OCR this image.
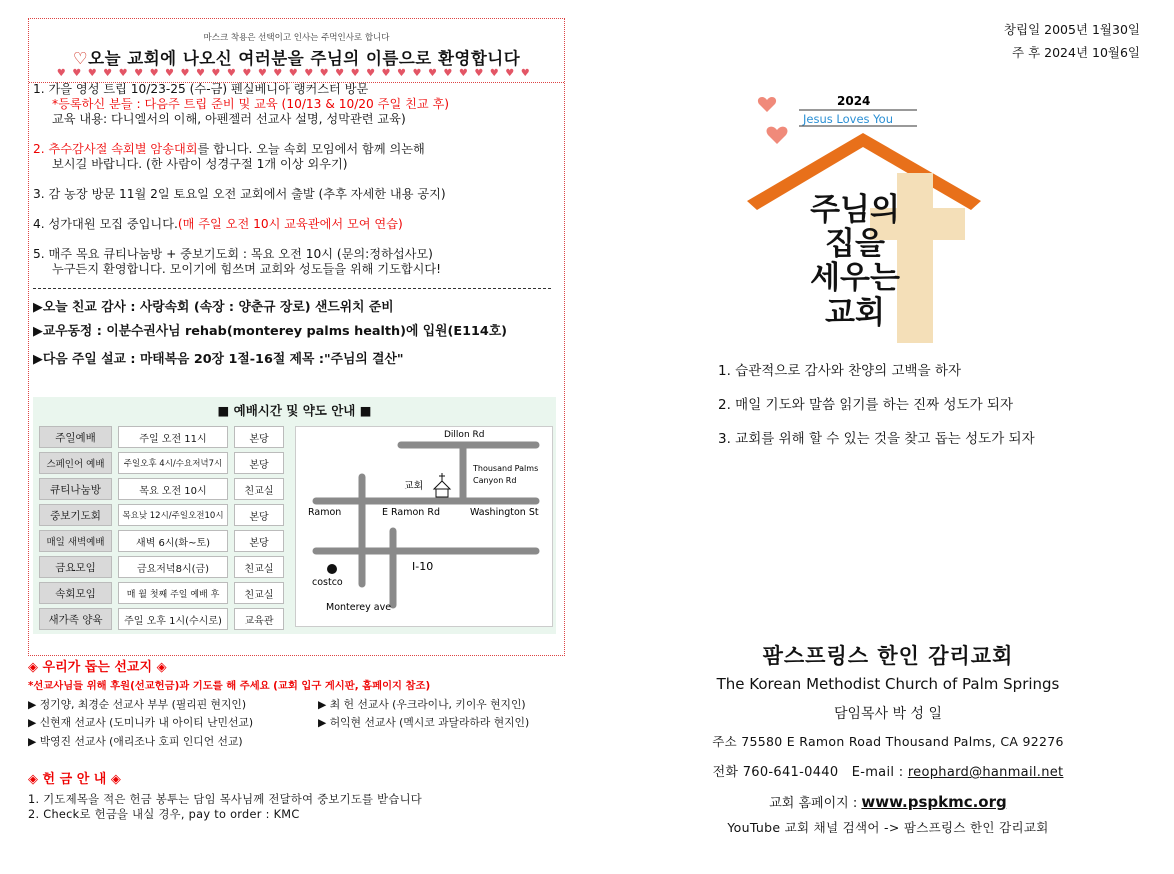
마스크 착용은 선택이고 인사는 주먹인사로 합니다
♡오늘 교회에 나오신 여러분을 주님의 이름으로 환영합니다
♥♥♥♥♥♥♥♥♥♥♥♥♥♥♥♥♥♥♥♥♥♥♥♥♥♥♥♥♥♥♥
1. 가을 영성 트립 10/23-25 (수-금) 펜실베니아 랭커스터 방문
*등록하신 분들 : 다음주 트립 준비 및 교육 (10/13 & 10/20 주일 친교 후)
교육 내용: 다니엘서의 이해, 아펜젤러 선교사 설명, 성막관련 교육)
2. 추수감사절 속회별 암송대회를 합니다. 오늘 속회 모임에서 함께 의논해
보시길 바랍니다. (한 사람이 성경구절 1개 이상 외우기)
3. 감 농장 방문 11월 2일 토요일 오전 교회에서 출발 (추후 자세한 내용 공지)
4. 성가대원 모집 중입니다.(매 주일 오전 10시 교육관에서 모여 연습)
5. 매주 목요 큐티나눔방 + 중보기도회 : 목요 오전 10시 (문의:정하섭사모)
누구든지 환영합니다. 모이기에 힘쓰며 교회와 성도들을 위해 기도합시다!
▶오늘 친교 감사 : 사랑속회 (속장 : 양춘규 장로) 샌드위치 준비
▶교우동정 : 이분수권사님 rehab(monterey palms health)에 입원(E114호)
▶다음 주일 설교 : 마태복음 20장 1절-16절 제목 :"주님의 결산"
■ 예배시간 및 약도 안내 ■
주일예배	주일 오전 11시	본당
스페인어 예배	주일오후 4시/수요저녁7시	본당
큐티나눔방	목요 오전 10시	친교실
중보기도회	목요낮 12시/주일오전10시	본당
매일 새벽예배	새벽 6시(화~토)	본당
금요모임	금요저녁8시(금)	친교실
속회모임	매 월 첫째 주일 예배 후	친교실
새가족 양육	주일 오후 1시(수시로)	교육관
Dillon Rd
Thousand Palms
Canyon Rd
교회
Ramon	E Ramon Rd	Washington St
I-10
costco
Monterey ave
◈ 우리가 돕는 선교지 ◈
*선교사님들 위해 후원(선교헌금)과 기도를 해 주세요 (교회 입구 게시판, 홈페이지 참조)
▶ 정기양, 최경순 선교사 부부 (필리핀 현지인)	▶ 최 헌 선교사 (우크라이나, 키이우 현지인)
▶ 신현재 선교사 (도미니카 내 아이티 난민선교)	▶ 허익현 선교사 (멕시코 과달라하라 현지인)
▶ 박영진 선교사 (애리조나 호피 인디언 선교)
◈ 헌 금 안 내 ◈
1. 기도제목을 적은 헌금 봉투는 담임 목사님께 전달하여 중보기도를 받습니다
2. Check로 헌금을 내실 경우, pay to order : KMC
창립일 2005년 1월30일
주 후 2024년 10월6일
2024
Jesus Loves You
주님의
집을
세우는
교회
1. 습관적으로 감사와 찬양의 고백을 하자
2. 매일 기도와 말씀 읽기를 하는 진짜 성도가 되자
3. 교회를 위해 할 수 있는 것을 찾고 돕는 성도가 되자
팜스프링스 한인 감리교회
The Korean Methodist Church of Palm Springs
담임목사 박 성 일
주소 75580 E Ramon Road Thousand Palms, CA 92276
전화 760-641-0440 E-mail : reophard@hanmail.net
교회 홈페이지 : www.pspkmc.org
YouTube 교회 채널 검색어 -> 팜스프링스 한인 감리교회
